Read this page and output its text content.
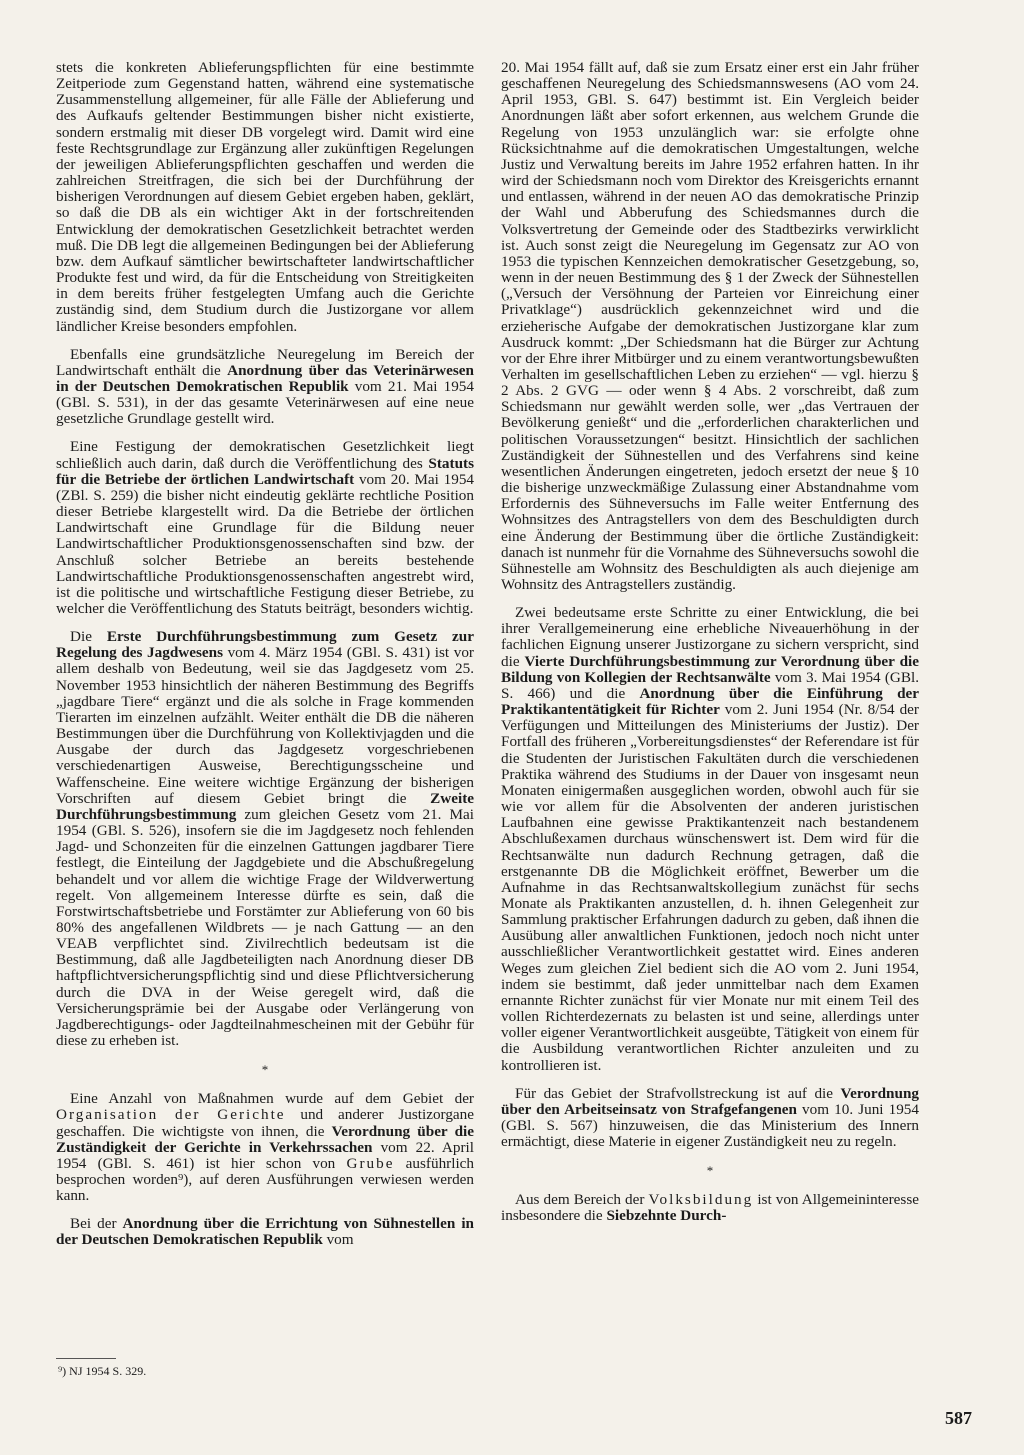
stets die konkreten Ablieferungspflichten für eine bestimmte Zeitperiode zum Gegenstand hatten, während eine systematische Zusammenstellung allgemeiner, für alle Fälle der Ablieferung und des Aufkaufs geltender Bestimmungen bisher nicht existierte, sondern erstmalig mit dieser DB vorgelegt wird. Damit wird eine feste Rechtsgrundlage zur Ergänzung aller zukünftigen Regelungen der jeweiligen Ablieferungspflichten geschaffen und werden die zahlreichen Streitfragen, die sich bei der Durchführung der bisherigen Verordnungen auf diesem Gebiet ergeben haben, geklärt, so daß die DB als ein wichtiger Akt in der fortschreitenden Entwicklung der demokratischen Gesetzlichkeit betrachtet werden muß. Die DB legt die allgemeinen Bedingungen bei der Ablieferung bzw. dem Aufkauf sämtlicher bewirtschafteter landwirtschaftlicher Produkte fest und wird, da für die Entscheidung von Streitigkeiten in dem bereits früher festgelegten Umfang auch die Gerichte zuständig sind, dem Studium durch die Justizorgane vor allem ländlicher Kreise besonders empfohlen.

Ebenfalls eine grundsätzliche Neuregelung im Bereich der Landwirtschaft enthält die Anordnung über das Veterinärwesen in der Deutschen Demokratischen Republik vom 21. Mai 1954 (GBl. S. 531), in der das gesamte Veterinärwesen auf eine neue gesetzliche Grundlage gestellt wird.

Eine Festigung der demokratischen Gesetzlichkeit liegt schließlich auch darin, daß durch die Veröffentlichung des Statuts für die Betriebe der örtlichen Landwirtschaft vom 20. Mai 1954 (ZBl. S. 259) die bisher nicht eindeutig geklärte rechtliche Position dieser Betriebe klargestellt wird. Da die Betriebe der örtlichen Landwirtschaft eine Grundlage für die Bildung neuer Landwirtschaftlicher Produktionsgenossenschaften sind bzw. der Anschluß solcher Betriebe an bereits bestehende Landwirtschaftliche Produktionsgenossenschaften angestrebt wird, ist die politische und wirtschaftliche Festigung dieser Betriebe, zu welcher die Veröffentlichung des Statuts beiträgt, besonders wichtig.

Die Erste Durchführungsbestimmung zum Gesetz zur Regelung des Jagdwesens vom 4. März 1954 (GBl. S. 431) ist vor allem deshalb von Bedeutung, weil sie das Jagdgesetz vom 25. November 1953 hinsichtlich der näheren Bestimmung des Begriffs „jagdbare Tiere“ ergänzt und die als solche in Frage kommenden Tierarten im einzelnen aufzählt. Weiter enthält die DB die näheren Bestimmungen über die Durchführung von Kollektivjagden und die Ausgabe der durch das Jagdgesetz vorgeschriebenen verschiedenartigen Ausweise, Berechtigungsscheine und Waffenscheine. Eine weitere wichtige Ergänzung der bisherigen Vorschriften auf diesem Gebiet bringt die Zweite Durchführungsbestimmung zum gleichen Gesetz vom 21. Mai 1954 (GBl. S. 526), insofern sie die im Jagdgesetz noch fehlenden Jagd- und Schonzeiten für die einzelnen Gattungen jagdbarer Tiere festlegt, die Einteilung der Jagdgebiete und die Abschußregelung behandelt und vor allem die wichtige Frage der Wildverwertung regelt. Von allgemeinem Interesse dürfte es sein, daß die Forstwirtschaftsbetriebe und Forstämter zur Ablieferung von 60 bis 80% des angefallenen Wildbrets — je nach Gattung — an den VEAB verpflichtet sind. Zivilrechtlich bedeutsam ist die Bestimmung, daß alle Jagdbeteiligten nach Anordnung dieser DB haftpflichtversicherungspflichtig sind und diese Pflichtversicherung durch die DVA in der Weise geregelt wird, daß die Versicherungsprämie bei der Ausgabe oder Verlängerung von Jagdberechtigungs- oder Jagdteilnahmescheinen mit der Gebühr für diese zu erheben ist.

*

Eine Anzahl von Maßnahmen wurde auf dem Gebiet der Organisation der Gerichte und anderer Justizorgane geschaffen. Die wichtigste von ihnen, die Verordnung über die Zuständigkeit der Gerichte in Verkehrssachen vom 22. April 1954 (GBl. S. 461) ist hier schon von Grube ausführlich besprochen worden⁹), auf deren Ausführungen verwiesen werden kann.

Bei der Anordnung über die Errichtung von Sühnestellen in der Deutschen Demokratischen Republik vom

20. Mai 1954 fällt auf, daß sie zum Ersatz einer erst ein Jahr früher geschaffenen Neuregelung des Schiedsmannswesens (AO vom 24. April 1953, GBl. S. 647) bestimmt ist. Ein Vergleich beider Anordnungen läßt aber sofort erkennen, aus welchem Grunde die Regelung von 1953 unzulänglich war: sie erfolgte ohne Rücksichtnahme auf die demokratischen Umgestaltungen, welche Justiz und Verwaltung bereits im Jahre 1952 erfahren hatten. In ihr wird der Schiedsmann noch vom Direktor des Kreisgerichts ernannt und entlassen, während in der neuen AO das demokratische Prinzip der Wahl und Abberufung des Schiedsmannes durch die Volksvertretung der Gemeinde oder des Stadtbezirks verwirklicht ist. Auch sonst zeigt die Neuregelung im Gegensatz zur AO von 1953 die typischen Kennzeichen demokratischer Gesetzgebung, so, wenn in der neuen Bestimmung des § 1 der Zweck der Sühnestellen („Versuch der Versöhnung der Parteien vor Einreichung einer Privatklage“) ausdrücklich gekennzeichnet wird und die erzieherische Aufgabe der demokratischen Justizorgane klar zum Ausdruck kommt: „Der Schiedsmann hat die Bürger zur Achtung vor der Ehre ihrer Mitbürger und zu einem verantwortungsbewußten Verhalten im gesellschaftlichen Leben zu erziehen“ — vgl. hierzu § 2 Abs. 2 GVG — oder wenn § 4 Abs. 2 vorschreibt, daß zum Schiedsmann nur gewählt werden solle, wer „das Vertrauen der Bevölkerung genießt“ und die „erforderlichen charakterlichen und politischen Voraussetzungen“ besitzt. Hinsichtlich der sachlichen Zuständigkeit der Sühnestellen und des Verfahrens sind keine wesentlichen Änderungen eingetreten, jedoch ersetzt der neue § 10 die bisherige unzweckmäßige Zulassung einer Abstandnahme vom Erfordernis des Sühneversuchs im Falle weiter Entfernung des Wohnsitzes des Antragstellers von dem des Beschuldigten durch eine Änderung der Bestimmung über die örtliche Zuständigkeit: danach ist nunmehr für die Vornahme des Sühneversuchs sowohl die Sühnestelle am Wohnsitz des Beschuldigten als auch diejenige am Wohnsitz des Antragstellers zuständig.

Zwei bedeutsame erste Schritte zu einer Entwicklung, die bei ihrer Verallgemeinerung eine erhebliche Niveauerhöhung in der fachlichen Eignung unserer Justizorgane zu sichern verspricht, sind die Vierte Durchführungsbestimmung zur Verordnung über die Bildung von Kollegien der Rechtsanwälte vom 3. Mai 1954 (GBl. S. 466) und die Anordnung über die Einführung der Praktikantentätigkeit für Richter vom 2. Juni 1954 (Nr. 8/54 der Verfügungen und Mitteilungen des Ministeriums der Justiz). Der Fortfall des früheren „Vorbereitungsdienstes“ der Referendare ist für die Studenten der Juristischen Fakultäten durch die verschiedenen Praktika während des Studiums in der Dauer von insgesamt neun Monaten einigermaßen ausgeglichen worden, obwohl auch für sie wie vor allem für die Absolventen der anderen juristischen Laufbahnen eine gewisse Praktikantenzeit nach bestandenem Abschlußexamen durchaus wünschenswert ist. Dem wird für die Rechtsanwälte nun dadurch Rechnung getragen, daß die erstgenannte DB die Möglichkeit eröffnet, Bewerber um die Aufnahme in das Rechtsanwaltskollegium zunächst für sechs Monate als Praktikanten anzustellen, d. h. ihnen Gelegenheit zur Sammlung praktischer Erfahrungen dadurch zu geben, daß ihnen die Ausübung aller anwaltlichen Funktionen, jedoch noch nicht unter ausschließlicher Verantwortlichkeit gestattet wird. Eines anderen Weges zum gleichen Ziel bedient sich die AO vom 2. Juni 1954, indem sie bestimmt, daß jeder unmittelbar nach dem Examen ernannte Richter zunächst für vier Monate nur mit einem Teil des vollen Richterdezernats zu belasten ist und seine, allerdings unter voller eigener Verantwortlichkeit ausgeübte, Tätigkeit von einem für die Ausbildung verantwortlichen Richter anzuleiten und zu kontrollieren ist.

Für das Gebiet der Strafvollstreckung ist auf die Verordnung über den Arbeitseinsatz von Strafgefangenen vom 10. Juni 1954 (GBl. S. 567) hinzuweisen, die das Ministerium des Innern ermächtigt, diese Materie in eigener Zuständigkeit neu zu regeln.

*

Aus dem Bereich der Volksbildung ist von Allgemeininteresse insbesondere die Siebzehnte Durch-

⁹) NJ 1954 S. 329.
587
